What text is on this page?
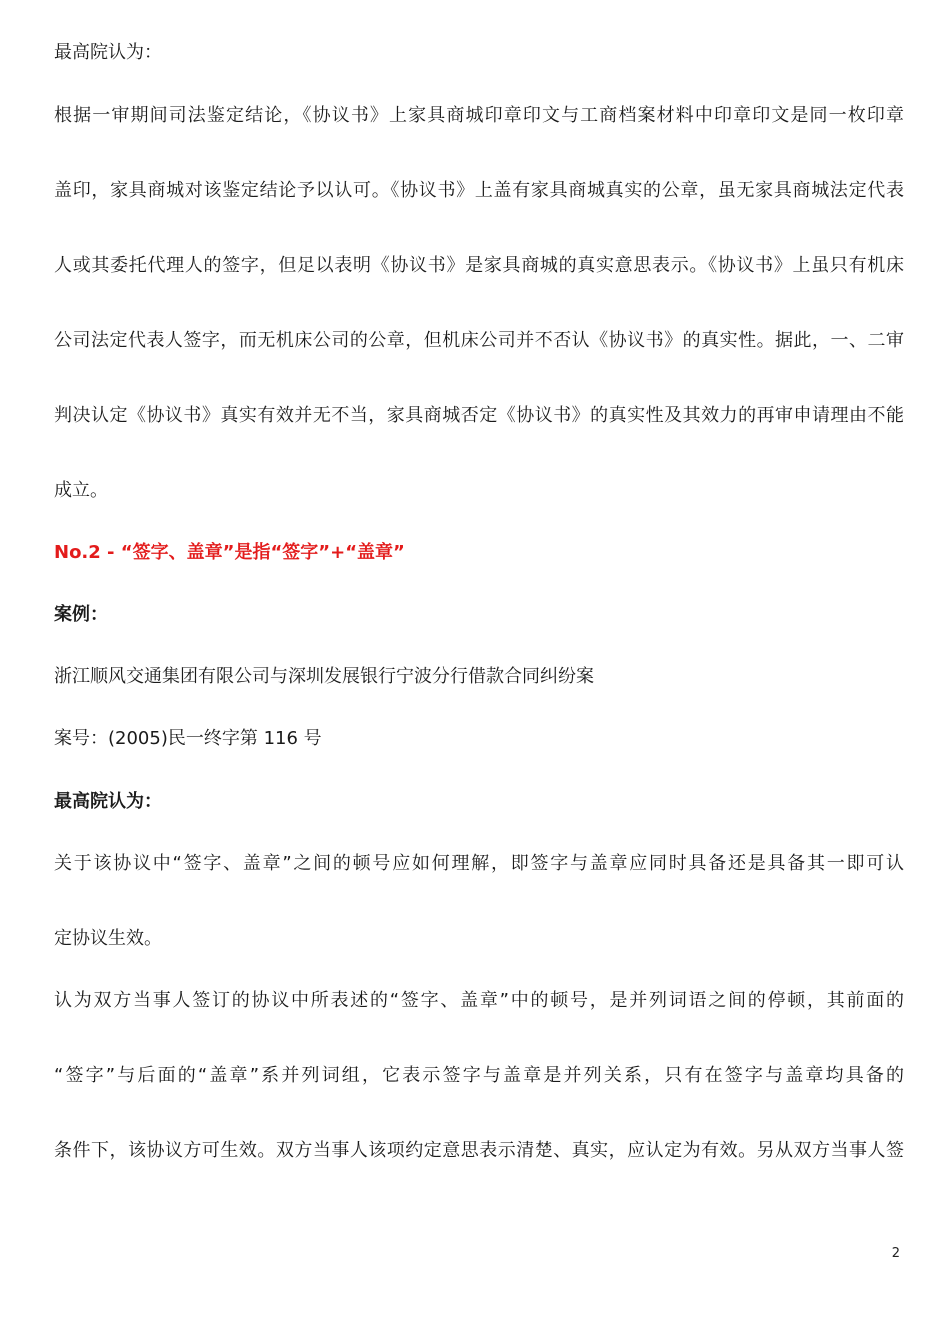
最高院认为：
根据一审期间司法鉴定结论，《协议书》上家具商城印章印文与工商档案材料中印章印文是同一枚印章
盖印，家具商城对该鉴定结论予以认可。《协议书》上盖有家具商城真实的公章，虽无家具商城法定代表
人或其委托代理人的签字，但足以表明《协议书》是家具商城的真实意思表示。《协议书》上虽只有机床
公司法定代表人签字，而无机床公司的公章，但机床公司并不否认《协议书》的真实性。据此，一、二审
判决认定《协议书》真实有效并无不当，家具商城否定《协议书》的真实性及其效力的再审申请理由不能
成立。
No.2 - “签字、盖章”是指“签字”+“盖章”
案例：
浙江顺风交通集团有限公司与深圳发展银行宁波分行借款合同纠纷案
案号：(2005)民一终字第 116 号
最高院认为：
关于该协议中“签字、盖章”之间的顿号应如何理解，即签字与盖章应同时具备还是具备其一即可认
定协议生效。
认为双方当事人签订的协议中所表述的“签字、盖章”中的顿号，是并列词语之间的停顿，其前面的
“签字”与后面的“盖章”系并列词组，它表示签字与盖章是并列关系，只有在签字与盖章均具备的
条件下，该协议方可生效。双方当事人该项约定意思表示清楚、真实，应认定为有效。另从双方当事人签
2
